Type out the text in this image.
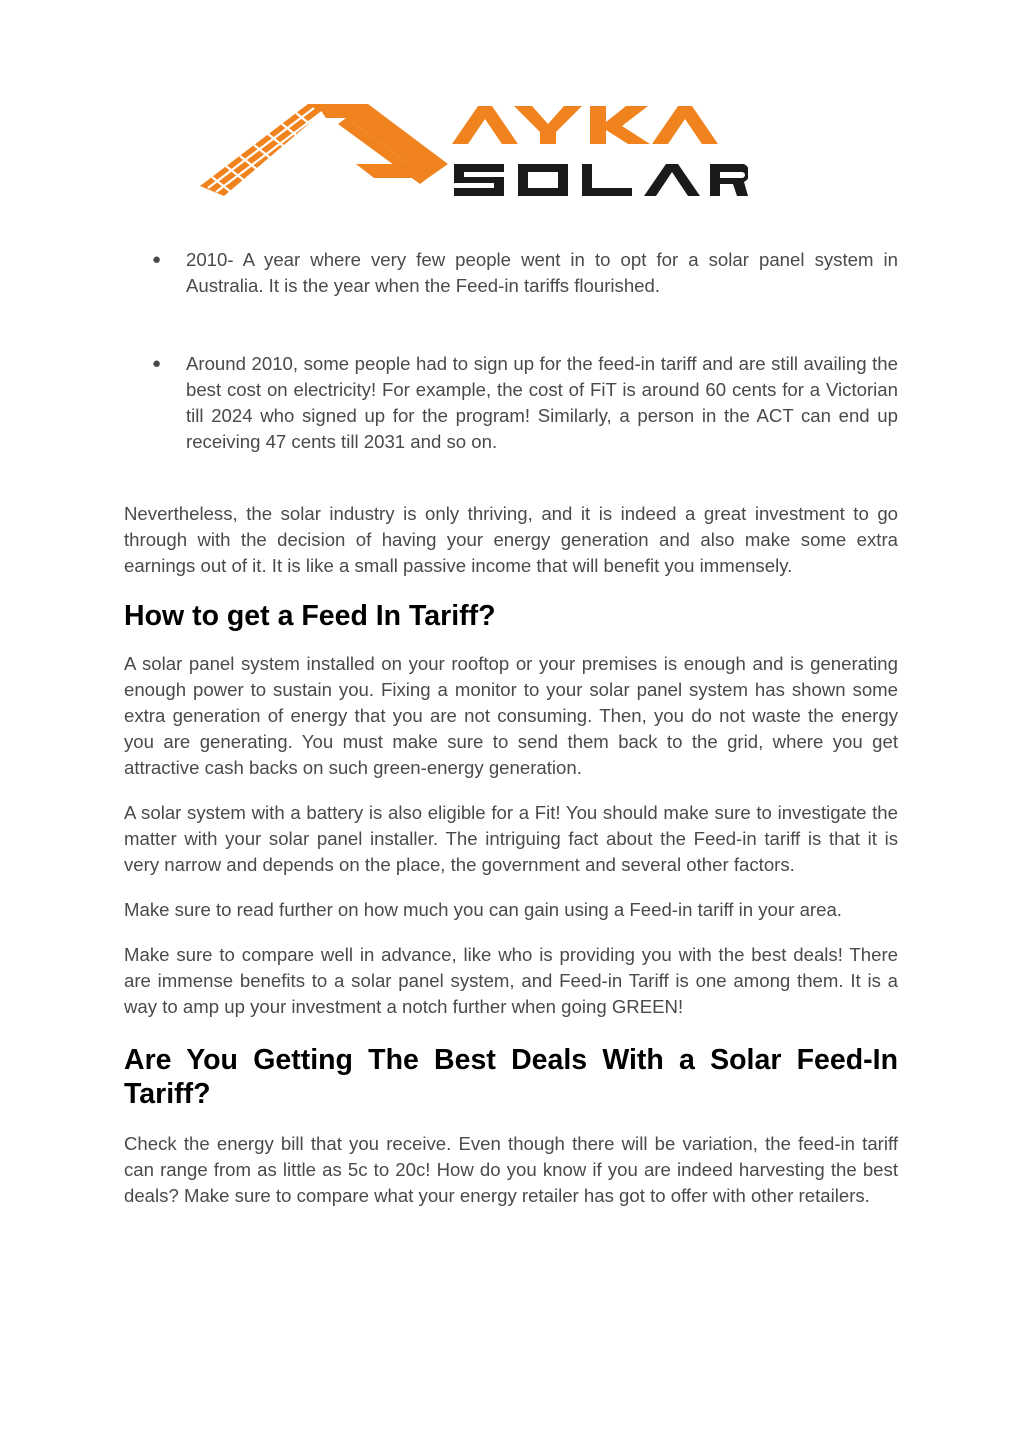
● 2010- A year where very few people went in to opt for a solar panel system in Australia. It is the year when the Feed-in tariffs flourished.
● Around 2010, some people had to sign up for the feed-in tariff and are still availing the best cost on electricity! For example, the cost of FiT is around 60 cents for a Victorian till 2024 who signed up for the program! Similarly, a person in the ACT can end up receiving 47 cents till 2031 and so on.

Nevertheless, the solar industry is only thriving, and it is indeed a great investment to go through with the decision of having your energy generation and also make some extra earnings out of it. It is like a small passive income that will benefit you immensely.

How to get a Feed In Tariff?

A solar panel system installed on your rooftop or your premises is enough and is generating enough power to sustain you. Fixing a monitor to your solar panel system has shown some extra generation of energy that you are not consuming. Then, you do not waste the energy you are generating. You must make sure to send them back to the grid, where you get attractive cash backs on such green-energy generation.

A solar system with a battery is also eligible for a Fit! You should make sure to investigate the matter with your solar panel installer. The intriguing fact about the Feed-in tariff is that it is very narrow and depends on the place, the government and several other factors.

Make sure to read further on how much you can gain using a Feed-in tariff in your area.

Make sure to compare well in advance, like who is providing you with the best deals! There are immense benefits to a solar panel system, and Feed-in Tariff is one among them. It is a way to amp up your investment a notch further when going GREEN!

Are You Getting The Best Deals With a Solar Feed-In Tariff?

Check the energy bill that you receive. Even though there will be variation, the feed-in tariff can range from as little as 5c to 20c! How do you know if you are indeed harvesting the best deals? Make sure to compare what your energy retailer has got to offer with other retailers.
